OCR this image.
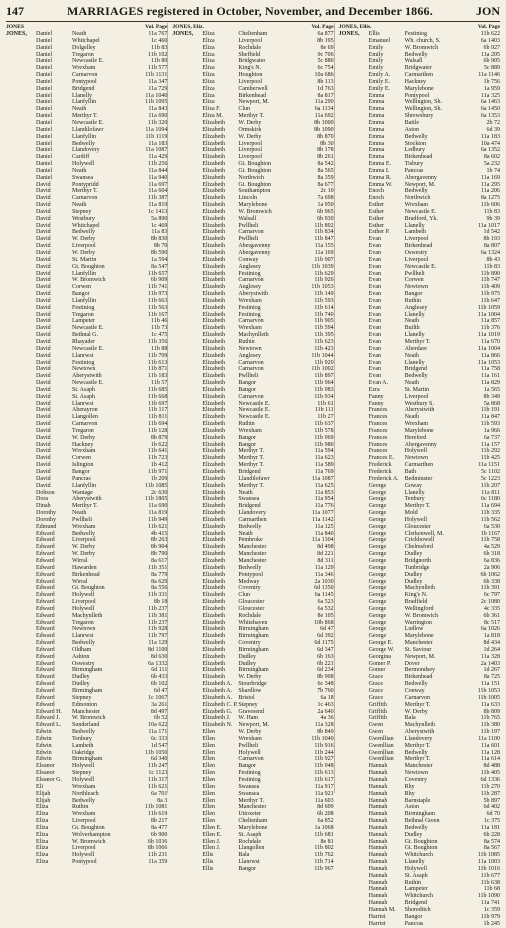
147	MARRIAGES registered in October, November, and December 1866.	JON
JONES	Vol. Page
JONES,	Daniel	Neath	11a 767
Daniel	Whitchapel	1c 460
Daniel	Dolgelley	11b 83
Daniel	Tregaron	11b 102
Daniel	Newcastle E.	11b 80
Daniel	Wrexham	11b 577
Daniel	Carnarvon	11b 1131
Daniel	Pontypool	11a 347
Daniel	Bridgend	11a 729
Daniel	Llanelly	11a 1040
Daniel	Llanfyllin	11b 1095
Daniel	Neath	11a 843
Daniel	Merthyr T.	11a 690
Daniel	Newcastle E.	11b 320
Daniel	Llandilofawr	11a 1094
Daniel	Llanfyllin	11b 1119
Daniel	Bedwelly	11a 183
Daniel	Llandovery	11a 1087
Daniel	Cardiff	11a 429
Daniel	Holywell	11b 256
Daniel	Neath	11a 844
Daniel	Swansea	11a 940
David	Pontypridd	11a 697
David	Merthyr T.	11a 604
David	Carnarvon	11b 387
David	Neath	11a 819
David	Stepney	1c 1413
David	Westbury	5a 890
David	Whitchapel	1c 469
David	Bedwelly	11a 83
David	W. Derby	8b 830
David	Liverpool	8b 70
David	W. Derby	8b 590
David	St. Martin	1a 594
David	Gt. Boughton	8a 547
David	Llanfyllin	11b 657
David	W. Bromwich	6b 909
David	Corwen	11b 741
David	Bangor	11b 973
David	Llanfyllin	11b 663
David	Festiniog	11b 563
David	Tregaron	11b 167
David	Lampeter	11b 46
David	Newcastle E.	11b 73
David	Bethnal G.	1c 475
David	Rhayader	11b 356
David	Newcastle E.	11b 88
David	Llanrwst	11b 709
David	Festiniog	11b 613
David	Newtown	11b 871
David	Aberystwith	11b 183
David	Newcastle E.	11b 57
David	St. Asaph	11b 685
David	St. Asaph	11b 668
David	Llanrwst	11b 697
David	Aberayron	11b 117
David	Llangollen	11b 811
David	Carnarvon	11b 694
David	Tregaron	11b 128
David	W. Derby	8b 879
David	Hackney	1b 622
David	Wrexham	11b 641
David	Corwen	11b 723
David	Islington	1b 412
David	Bangor	11b 971
David	Pancras	1b 209
David	Llanfyllin	11b 1085
Dobson	Wantage	2c 630
Dora	Aberystwith	11b 1805
Dinah	Merthyr T.	11a 690
Dorothy	Neath	11a 819
Dorothy	Pwllheli	11b 949
Edmund	Wrexham	11b 621
Edward	Bedwelly	4b 415
Edward	Liverpool	8b 263
Edward	W. Derby	8b 904
Edward	W. Derby	8b 790
Edward	Wirral	8a 617
Edward	Hawarden	11b 351
Edward	Birkenhead	8a 779
Edward	Wirral	8a 629
Edward	Gt. Boughton	8a 556
Edward	Holywell	11b 331
Edward	Liverpool	8b 18
Edward	Holywell	11b 237
Edward	Machynlleth	11b 381
Edward	Tregaron	11b 237
Edward	Newtown	11b 928
Edward	Llanrwst	11b 797
Edward	Bedwelly	11a 129
Edward	Oldham	8d 1100
Edward	Ashton	8d 630
Edward	Oswestry	6a 1332
Edward	Birmingham	6d 111
Edward	Dudley	6b 433
Edward	Dudley	6b 102
Edward	Birmingham	6d 47
Edward	Stepney	1c 1067
Edward	Edmonton	3a 261
Edward H.	Manchester	8d 497
Edward J.	W. Bromwich	6b 52
Edward L.	Sunderland	10a 622
Edwin	Bedwelly	11a 171
Edwin	Tenbury	6c 333
Edwin	Lambeth	1d 547
Edwin	Oakridge	11b 1050
Edwin	Birmingham	6d 340
Eleanor	Holywell	11b 247
Eleanor	Stepney	1c 1123
Eleanor G.	Holywell	11b 317
Eli	Wrexham	11b 621
Elijah	Northleach	6a 701
Elijah	Bedwelly	8a 3
Eliza	Ruthin	11b 1081
Eliza	Wrexham	11b 619
Eliza	Liverpool	8b 217
Eliza	Gt. Boughton	8a 477
Eliza	Wolverhampton	6b 900
Eliza	W. Bromwich	6b 1036
Eliza	Liverpool	8b 1066
Eliza	Holywell	11b 231
Eliza	Pontypool	11a 359
JONES, Eliz.	Vol. Page
JONES,	Eliza	Cheltenham	6a 877
Eliza	Liverpool	8b 195
Eliza	Rochdale	8e 69
Eliza	Sheffield	9c 706
Eliza	Bridgwater	5c 880
Eliza	King's N.	6c 754
Eliza	Houghton	10a 686
Eliza	Liverpool	8b 113
Eliza	Camberwell	1d 763
Eliza	Birkenhead	8a 817
Eliza	Newport, M.	11a 290
Eliza F.	Clun	6a 1134
Eliza M.	Merthyr T.	11a 692
Elizabeth	W. Derby	8b 1000
Elizabeth	Ormskirk	8b 1090
Elizabeth	W. Derby	8b 870
Elizabeth	Liverpool	8b 30
Elizabeth	Liverpool	8b 178
Elizabeth	Liverpool	8b 261
Elizabeth	Gt. Boughton	8a 542
Elizabeth	Gt. Boughton	8a 565
Elizabeth	Northwich	8a 359
Elizabeth	Gt. Boughton	8a 677
Elizabeth	Southampton	2c 10
Elizabeth	Lincoln	7a 698
Elizabeth	Marylebone	1a 950
Elizabeth	W. Bromwich	6b 965
Elizabeth	Walsall	6b 930
Elizabeth	Pwllheli	11b 802
Elizabeth	Carnarvon	11b 834
Elizabeth	Pwllheli	11b 847
Elizabeth	Abergavenny	11a 155
Elizabeth	Abergavenny	11a 169
Elizabeth	Conway	11b 907
Elizabeth	Anglesey	11b 1039
Elizabeth	Festiniog	11b 629
Elizabeth	Carnarvon	11b 926
Elizabeth	Anglesey	11b 1053
Elizabeth	Aberystwith	11b 149
Elizabeth	Wrexham	11b 593
Elizabeth	Festiniog	11b 614
Elizabeth	Festiniog	11b 740
Elizabeth	Carnarvon	11b 905
Elizabeth	Wrexham	11b 594
Elizabeth	Machynlleth	11b 395
Elizabeth	Ruthin	11b 623
Elizabeth	Newtown	11b 423
Elizabeth	Anglesey	11b 1044
Elizabeth	Carnarvon	11b 920
Elizabeth	Carnarvon	11b 1002
Elizabeth	Pwllheli	11b 897
Elizabeth	Bangor	11b 964
Elizabeth	Bangor	11b 983
Elizabeth	Carnarvon	11b 934
Elizabeth	Newcastle E.	11b 61
Elizabeth	Newcastle E.	11b 111
Elizabeth	Newcastle E.	11b 27
Elizabeth	Ruthin	11b 637
Elizabeth	Wrexham	11b 578
Elizabeth	Bangor	11b 969
Elizabeth	Bangor	11b 980
Elizabeth	Merthyr T.	11a 594
Elizabeth	Merthyr T.	11a 623
Elizabeth	Merthyr T.	11a 589
Elizabeth	Bridgend	11a 769
Elizabeth	Llandilofawr	11a 1087
Elizabeth	Merthyr T.	11a 625
Elizabeth	Neath	11a 853
Elizabeth	Swansea	11a 954
Elizabeth	Bridgend	11a 776
Elizabeth	Llandovery	11a 1077
Elizabeth	Carmarthen	11a 1142
Elizabeth	Bedwelly	11a 125
Elizabeth	Neath	11a 840
Elizabeth	Pembroke	11a 1304
Elizabeth	Manchester	8d 498
Elizabeth	Manchester	8d 221
Elizabeth	Manchester	8d 311
Elizabeth	Bedwelly	11a 129
Elizabeth	Pontypool	11a 346
Elizabeth	Medway	2a 1030
Elizabeth	Coventry	6d 1350
Elizabeth	Clun	6a 1145
Elizabeth	Gloucester	6a 523
Elizabeth	Gloucester	6a 532
Elizabeth	Rochdale	8e 105
Elizabeth	Whitehaven	10b 868
Elizabeth	Birmingham	6d 47
Elizabeth	Birmingham	6d 392
Elizabeth	Coventry	6d 1175
Elizabeth	Birmingham	6d 347
Elizabeth	Dudley	6b 163
Elizabeth	Dudley	6b 221
Elizabeth	Birmingham	6d 234
Elizabeth	W. Derby	8b 908
Elizabeth A.	Stourbridge	6c 348
Elizabeth A.	Shardlow	7b 760
Elizabeth A.	Bristol	6a 18
Elizabeth C. P. Stepney	1c 463
Elizabeth G.	Gravesend	2a 640
Elizabeth J.	W. Ham	4a 36
Elizabeth N.	Newport, M.	11a 328
Ellen	W. Derby	8b 849
Ellen	Wrexham	11b 1040
Ellen	Pwllheli	11b 916
Ellen	Holywell	11b 244
Ellen	Carnarvon	11b 927
Ellen	Bangor	11b 948
Ellen	Festiniog	11b 613
Ellen	Festiniog	11b 617
Ellen	Swansea	11a 917
Ellen	Swansea	11a 921
Ellen	Merthyr T.	11a 603
Ellen	Manchester	8d 609
Ellen	Uttoxeter	6b 208
Ellen	Cheltenham	6a 852
Ellen E.	Marylebone	1a 1068
Ellen E.	St. Asaph	11b 681
Ellen J.	Rochdale	8e 81
Ellen J.	Llangollen	11b 802
Ellis	Bala	11b 762
Ellis	Llanrwst	11b 714
Ellis	Bangor	11b 967
JONES, Ellis.	Vol. Page
JONES,	Ellis	Festiniog	11b 622
Emanuel	Wh. church, S.	6a 1403
Emily	W. Bromwich	6b 927
Emily	Bedwelly	11a 205
Emily	Walsall	6b 905
Emily	Bridgwater	5c 889
Emily A.	Carmarthen	11a 1146
Emily E.	Hackney	1b 756
Emily E.	Marylebone	1a 959
Emma	Pontypool	11a 325
Emma	Wellington, Sh.	6a 1463
Emma	Wellington, Sh.	6a 1450
Emma	Shrewsbury	6a 1353
Emma	Battle	2b 72
Emma	Aston	6d 39
Emma	Bedwelly	11a 183
Emma	Stockton	10a 474
Emma	Ledbury	6a 1352
Emma	Birkenhead	8a 602
Emma E.	Tisbury	5a 232
Emma I.	Pancras	1b 74
Emma R.	Abergavenny	11a 169
Emma W.	Newport, M.	11a 295
Enoch	Bedwelly	11a 206
Enoch	Northwich	8a 1275
Esther	Wrexham	11b 606
Esther	Newcastle E.	11b 83
Esther	Bradford, Yk.	9b 39
Esther	Llanelly	11a 1017
Esther P.	Lambeth	1d 542
Evan	Liverpool	8b 193
Evan	Birkenhead	8a 807
Evan	Oswestry	6a 1324
Evan	Liverpool	8b 43
Evan	Newcastle E.	11b 83
Evan	Pwllheli	11b 890
Evan	Corwen	11b 747
Evan	Newtown	11b 409
Evan	Bangor	11b 975
Evan	Ruthin	11b 647
Evan	Anglesey	11b 1059
Evan	Llanelly	11a 1004
Evan	Neath	11a 857
Evan	Builth	11b 376
Evan	Llanelly	11a 1019
Evan	Merthyr T.	11a 670
Evan	Aberdare	11a 1004
Evan	Neath	11a 866
Evan	Llanelly	11a 1053
Evan	Bridgend	11a 758
Evan	Bedwelly	11a 161
Evan A.	Neath	11a 829
Ezra	St. Martin	1a 565
Fanny	Liverpool	8b 349
Fanny	Westbury S.	5a 868
Frances	Aberystwith	11b 191
Frances	Neath	11a 847
Frances	Wrexham	11b 593
Frances	Marylebone	1a 966
Frances	Hereford	6a 737
Frances	Abergavenny	11a 157
Frances	Holywell	11b 292
Frances E.	Newtown	11b 425
Frederick	Carmarthen	11a 1151
Frederick	Bath	5c 1102
Frederick A.	Bedminster	5c 1223
George	Goway	11b 207
George	Llanelly	11a 811
George	Tenbury	6c 1180
George	Merthyr T.	11a 694
George	Mold	11b 335
George	Holywell	11b 562
George	Gloucester	6a 530
George	Clerkenwell, M.	1b 1167
George	Crickhowell	11b 758
George	Chelmsford	4a 529
George	Dudley	6b 318
George	Bridgnorth	6a 836
George	Tunbridge	2a 906
George	Dudley	6b 1062
George	Dudley	6b 338
George	Machynlleth	11b 391
George	King's N.	6c 797
George	Bradfield	2c 1080
George	Wellingford	4c 335
George	W. Bromwich	6b 361
George	Warrington	8c 517
George	Ludlow	6a 1026
George	Marylebone	1a 818
George E.	Manchester	8d 434
George W.	St. Saviour	1d 264
Georgina	Newport, M.	11a 328
Gomer P.	Dover	2a 1403
Gomer	Bermondsey	1d 267
Grace	Birkenhead	8a 725
Grace	Bedwelly	11a 151
Grace	Conway	11b 1053
Grace	Carnarvon	11b 1005
Griffith	Merthyr T.	11a 633
Griffith	W. Derby	8b 809
Griffith	Bala	11b 765
Gwen	Machynlleth	11b 380
Gwen	Aberystwith	11b 197
Gwenllian	Llandovery	11a 1100
Gwenllian	Merthyr T.	11a 601
Gwenllian	Bedwelly	11a 128
Gwenllian	Merthyr T.	11a 614
Hannah	Manchester	8d 488
Hannah	Newtown	11b 405
Hannah	Coventry	6d 1336
Hannah	Rhy	11b 270
Hannah	Rhy	11b 287
Hannah	Barnstaple	5b 897
Hannah	Aston	6d 402
Hannah	Birmingham	6d 70
Hannah	Bethnal Green	1c 375
Hannah	Bedwelly	11a 181
Hannah	Dudley	6b 228
Hannah	Gt. Boughton	8a 574
Hannah	Gt. Boughton	8a 567
Hannah	Whitchurch	11b 1085
Hannah	Llanelly	11a 1003
Hannah	Holywell	11b 1016
Hannah	St. Asaph	11b 677
Hannah	Ruthin	11b 638
Hannah	Lampeter	11b 68
Hannah	Whitchurch	11b 1090
Hannah	Bridgend	11a 741
Hannah M.	Shoreditch	1c 359
Harriet	Bangor	11b 979
Harriet	Pancras	1b 245
